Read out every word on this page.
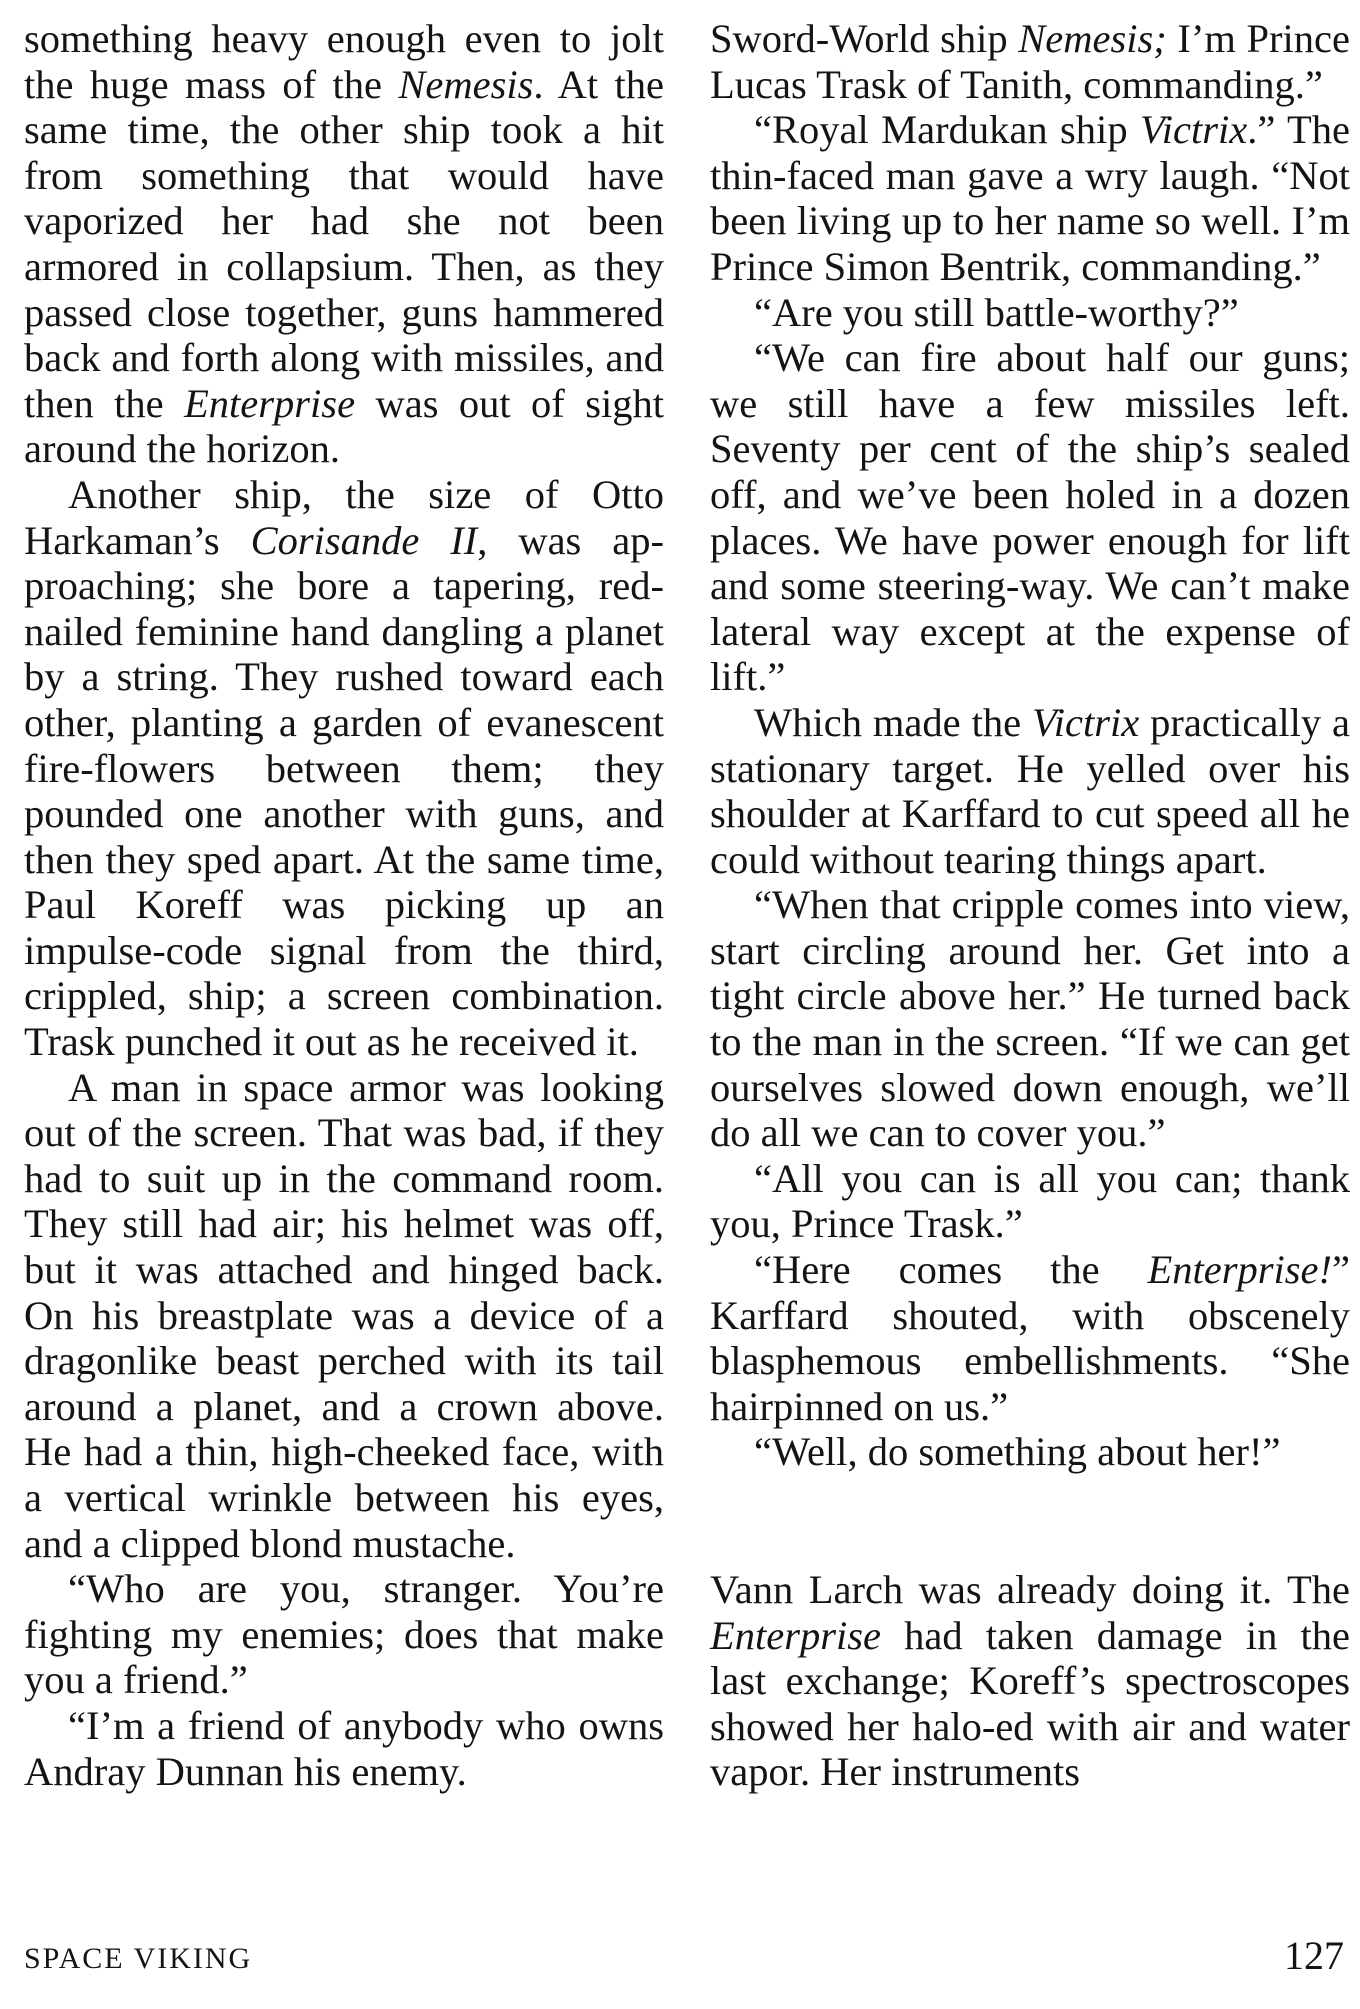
something heavy enough even to jolt the huge mass of the Nemesis. At the same time, the other ship took a hit from something that would have vaporized her had she not been armored in collapsium. Then, as they passed close together, guns hammered back and forth along with missiles, and then the Enterprise was out of sight around the horizon.

Another ship, the size of Otto Harkaman’s Corisande II, was approaching; she bore a tapering, red-nailed feminine hand dangling a planet by a string. They rushed toward each other, planting a garden of evanescent fire-flowers between them; they pounded one another with guns, and then they sped apart. At the same time, Paul Koreff was picking up an impulse-code signal from the third, crippled, ship; a screen combination. Trask punched it out as he received it.

A man in space armor was looking out of the screen. That was bad, if they had to suit up in the command room. They still had air; his helmet was off, but it was attached and hinged back. On his breastplate was a device of a dragonlike beast perched with its tail around a planet, and a crown above. He had a thin, high-cheeked face, with a vertical wrinkle between his eyes, and a clipped blond mustache.

“Who are you, stranger. You’re fighting my enemies; does that make you a friend.”

“I’m a friend of anybody who owns Andray Dunnan his enemy.

Sword-World ship Nemesis; I’m Prince Lucas Trask of Tanith, commanding.”

“Royal Mardukan ship Victrix.” The thin-faced man gave a wry laugh. “Not been living up to her name so well. I’m Prince Simon Bentrik, commanding.”

“Are you still battle-worthy?”

“We can fire about half our guns; we still have a few missiles left. Seventy per cent of the ship’s sealed off, and we’ve been holed in a dozen places. We have power enough for lift and some steering-way. We can’t make lateral way except at the expense of lift.”

Which made the Victrix practically a stationary target. He yelled over his shoulder at Karffard to cut speed all he could without tearing things apart.

“When that cripple comes into view, start circling around her. Get into a tight circle above her.” He turned back to the man in the screen. “If we can get ourselves slowed down enough, we’ll do all we can to cover you.”

“All you can is all you can; thank you, Prince Trask.”

“Here comes the Enterprise!” Karffard shouted, with obscenely blasphemous embellishments. “She hairpinned on us.”

“Well, do something about her!”

Vann Larch was already doing it. The Enterprise had taken damage in the last exchange; Koreff’s spectroscopes showed her halo-ed with air and water vapor. Her instruments

SPACE VIKING	127
